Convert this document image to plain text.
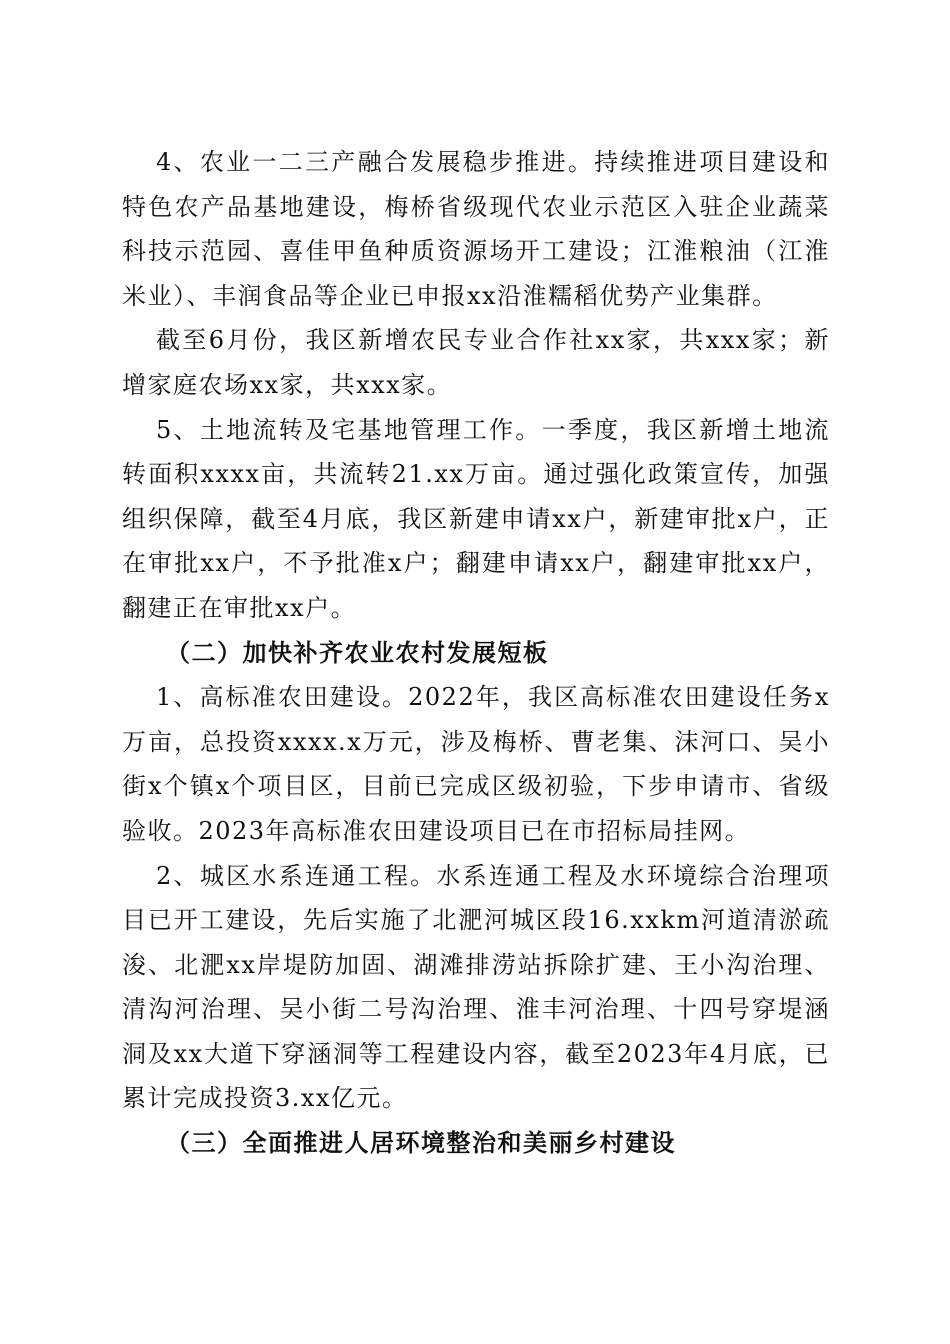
4、农业一二三产融合发展稳步推进。持续推进项目建设和特色农产品基地建设，梅桥省级现代农业示范区入驻企业蔬菜科技示范园、喜佳甲鱼种质资源场开工建设；江淮粮油（江淮米业）、丰润食品等企业已申报xx沿淮糯稻优势产业集群。

截至6月份，我区新增农民专业合作社xx家，共xxx家；新增家庭农场xx家，共xxx家。

5、土地流转及宅基地管理工作。一季度，我区新增土地流转面积xxxx亩，共流转21.xx万亩。通过强化政策宣传，加强组织保障，截至4月底，我区新建申请xx户，新建审批x户，正在审批xx户，不予批准x户；翻建申请xx户，翻建审批xx户，翻建正在审批xx户。

（二）加快补齐农业农村发展短板

1、高标准农田建设。2022年，我区高标准农田建设任务x万亩，总投资xxxx.x万元，涉及梅桥、曹老集、沫河口、吴小街x个镇x个项目区，目前已完成区级初验，下步申请市、省级验收。2023年高标准农田建设项目已在市招标局挂网。

2、城区水系连通工程。水系连通工程及水环境综合治理项目已开工建设，先后实施了北淝河城区段16.xxkm河道清淤疏浚、北淝xx岸堤防加固、湖滩排涝站拆除扩建、王小沟治理、清沟河治理、吴小街二号沟治理、淮丰河治理、十四号穿堤涵洞及xx大道下穿涵洞等工程建设内容，截至2023年4月底，已累计完成投资3.xx亿元。

（三）全面推进人居环境整治和美丽乡村建设
